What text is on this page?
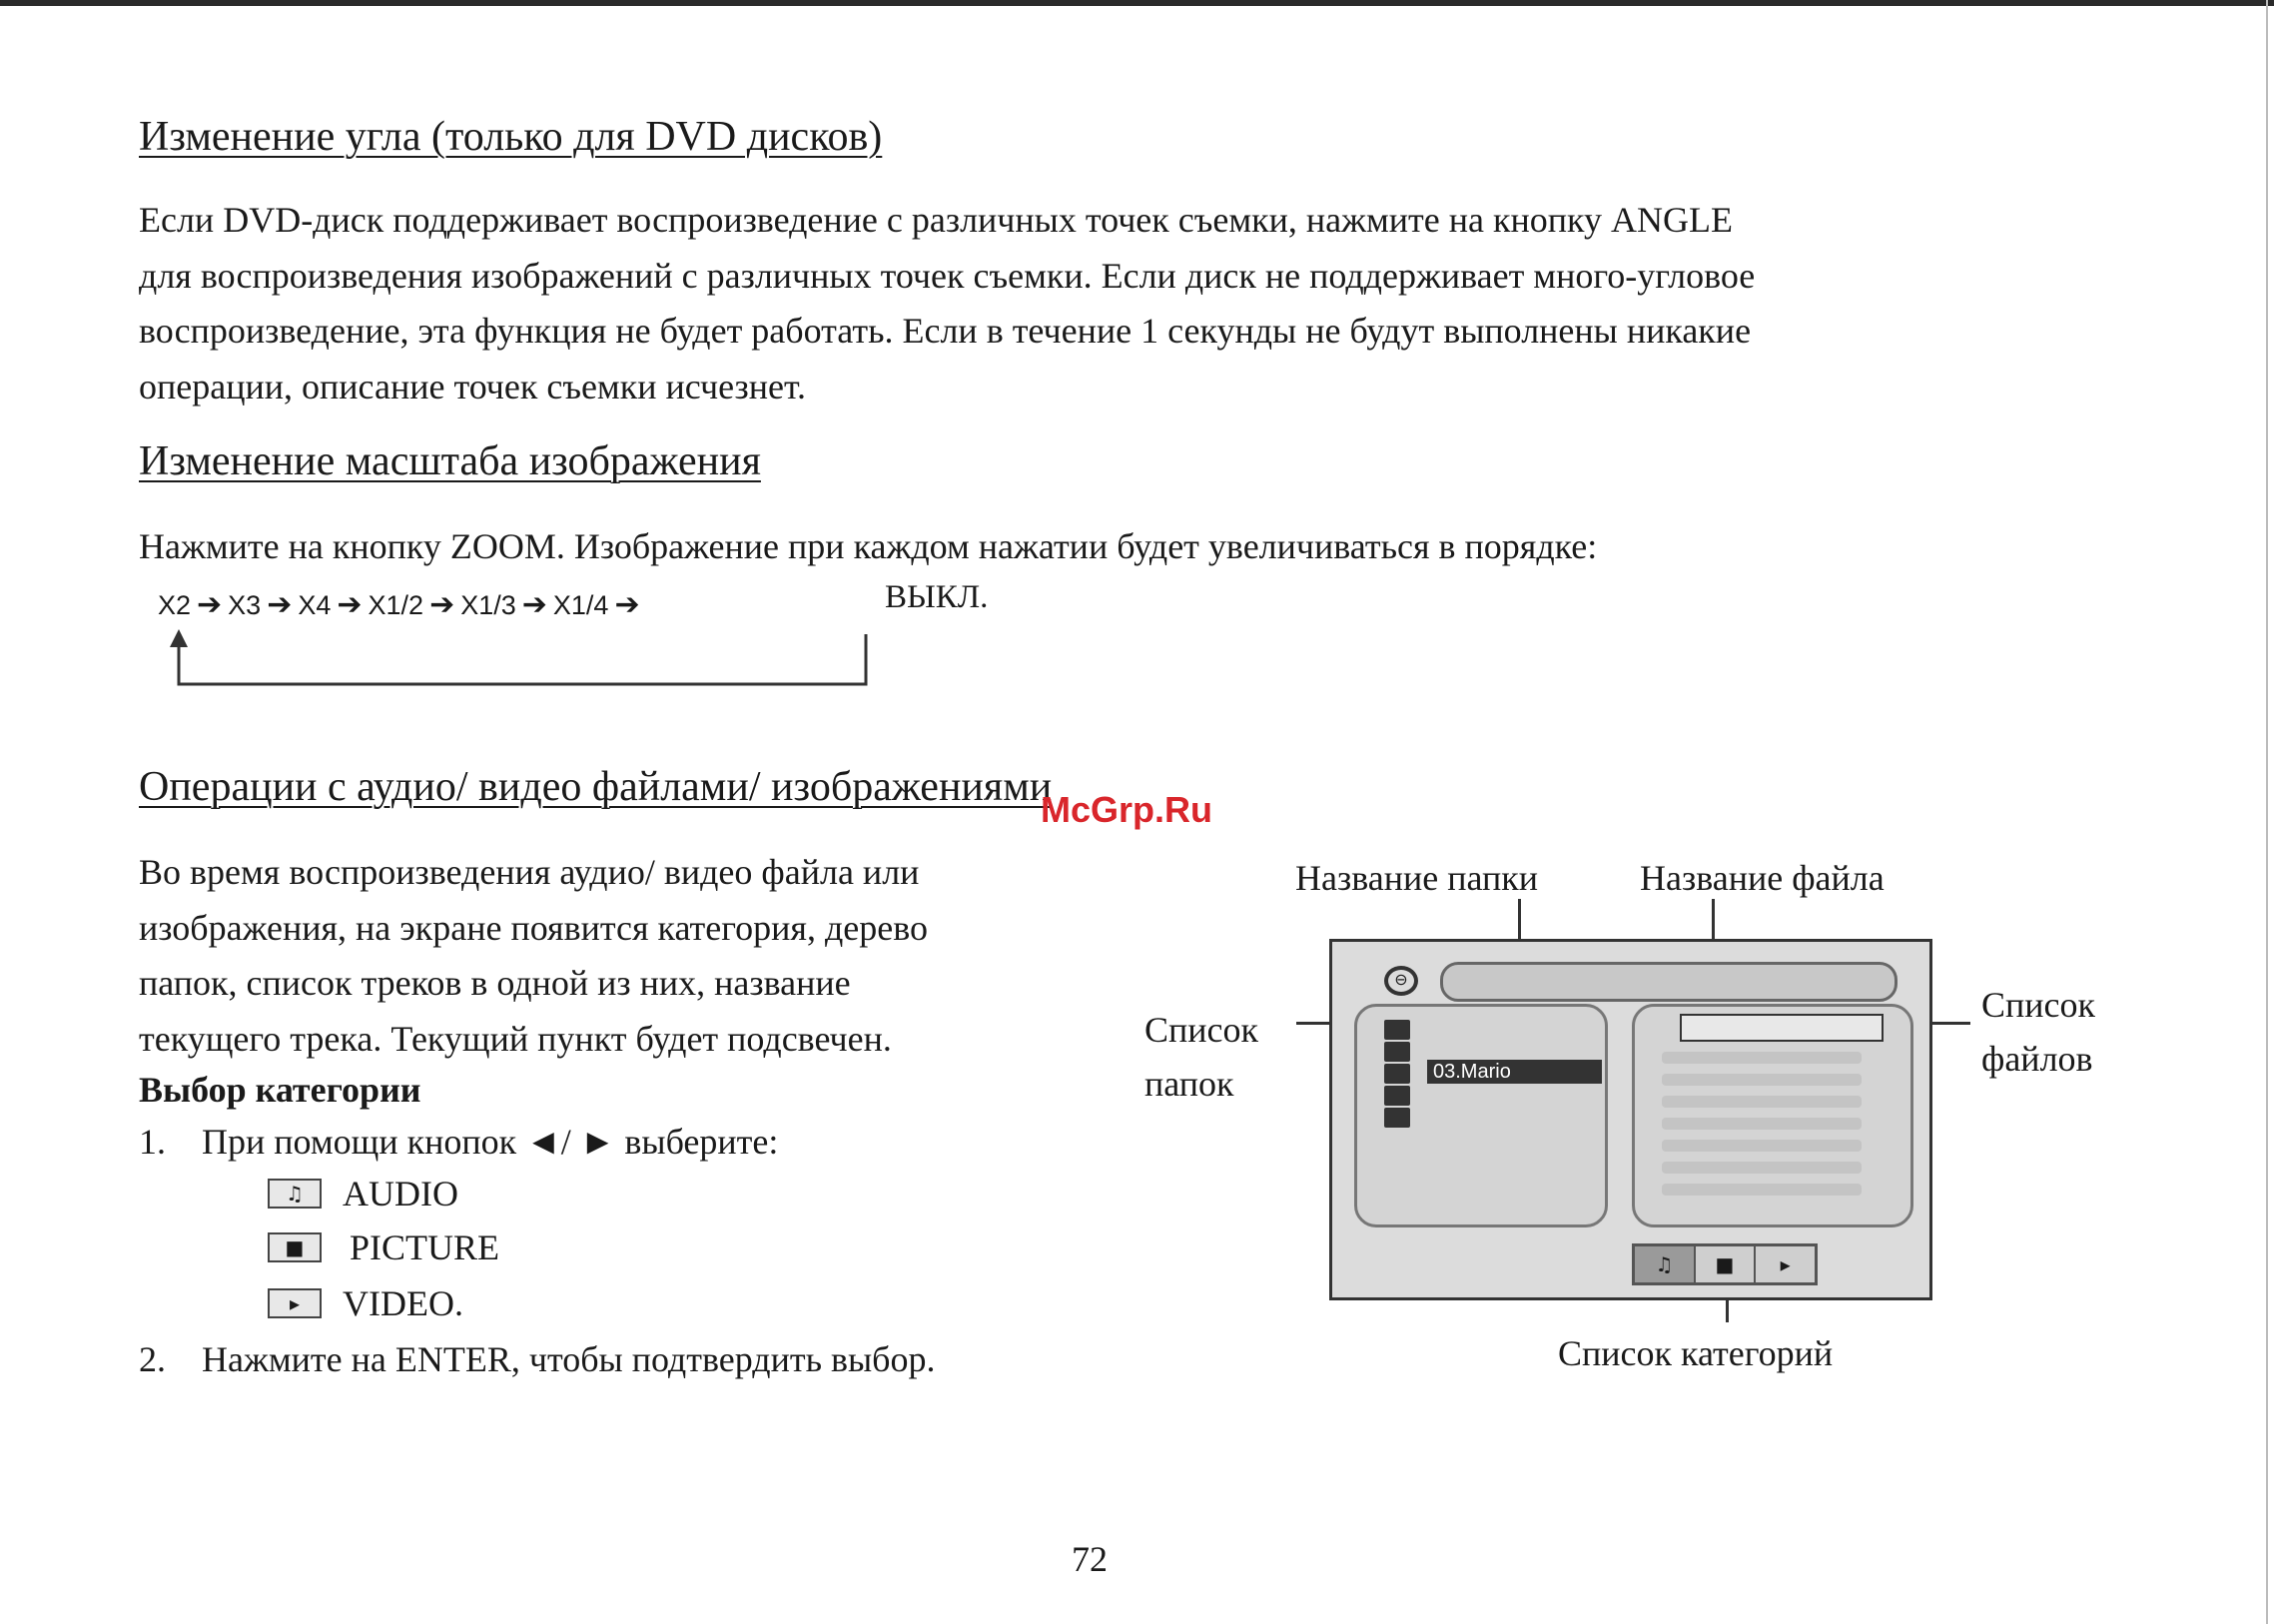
Изменение угла (только для DVD дисков)
Если DVD-диск поддерживает воспроизведение с различных точек съемки, нажмите на кнопку ANGLE
для воспроизведения изображений с различных точек съемки. Если диск не поддерживает много-угловое
воспроизведение, эта функция не будет работать. Если в течение 1 секунды не будут выполнены никакие
операции, описание точек съемки исчезнет.
Изменение масштаба изображения
Нажмите на кнопку ZOOM. Изображение при каждом нажатии будет увеличиваться в порядке:
X2 ➔ X3 ➔ X4 ➔ X1/2 ➔ X1/3 ➔ X1/4 ➔	ВЫКЛ.
Операции с аудио/ видео файлами/ изображениями
McGrp.Ru
Во время воспроизведения аудио/ видео файла или
изображения, на экране появится категория, дерево
папок, список треков в одной из них, название
текущего трека. Текущий пункт будет подсвечен.
Выбор категории
1.    При помощи кнопок ◄/ ► выберите:
♫	AUDIO
■	PICTURE
▸	VIDEO.
2.    Нажмите на ENTER, чтобы подтвердить выбор.
Название папки	Название файла
Список
папок
Список
файлов
Список категорий
⊖
03.Mario
♫	■	▸
72
